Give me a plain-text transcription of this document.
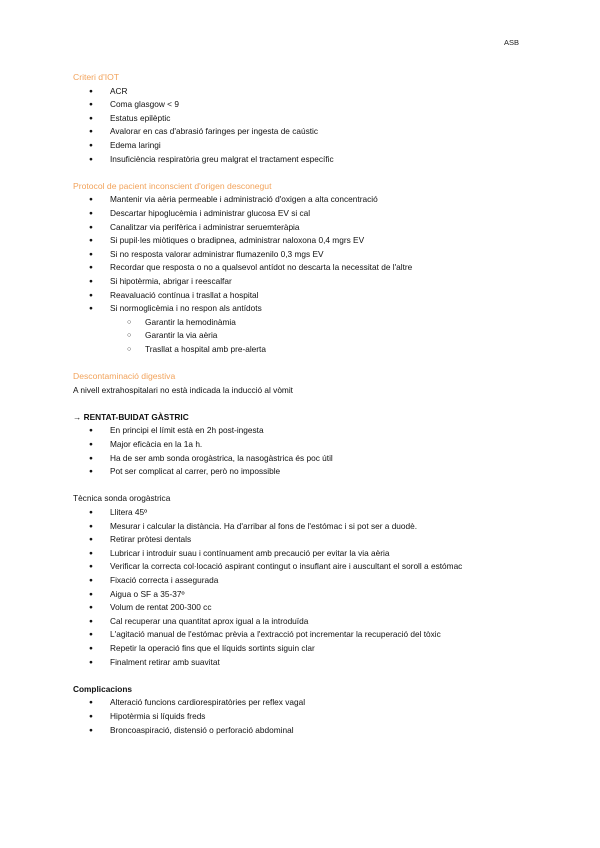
ASB
Criteri d'IOT
● ACR
● Coma glasgow < 9
● Estatus epilèptic
● Avalorar en cas d'abrasió faringes per ingesta de caústic
● Edema laringi
● Insuficiència respiratòria greu malgrat el tractament específic
Protocol de pacient inconscient d'origen desconegut
● Mantenir via aèria permeable i administració d'oxigen a alta concentració
● Descartar hipoglucèmia i administrar glucosa EV si cal
● Canalitzar via perifèrica i administrar seruemteràpia
● Si pupil·les miòtiques o bradipnea, administrar naloxona 0,4 mgrs EV
● Si no resposta valorar administrar flumazenilo 0,3 mgs EV
● Recordar que resposta o no a qualsevol antídot no descarta la necessitat de l'altre
● Si hipotèrmia, abrigar i reescalfar
● Reavaluació contínua i trasllat a hospital
● Si normoglicèmia i no respon als antídots
○ Garantir la hemodinàmia
○ Garantir la via aèria
○ Trasllat a hospital amb pre-alerta
Descontaminació digestiva

A nivell extrahospitalari no està indicada la inducció al vòmit

→ RENTAT-BUIDAT GÀSTRIC
● En principi el límit està en 2h post-ingesta
● Major eficàcia en la 1a h.
● Ha de ser amb sonda orogàstrica, la nasogàstrica és poc útil
● Pot ser complicat al carrer, però no impossible
Tècnica sonda orogàstrica
● Llitera 45º
● Mesurar i calcular la distància. Ha d'arribar al fons de l'estómac i si pot ser a duodè.
● Retirar pròtesi dentals
● Lubricar i introduir suau i contínuament amb precaució per evitar la via aèria
● Verificar la correcta col·locació aspirant contingut o insuflant aire i auscultant el soroll a estómac
● Fixació correcta i assegurada
● Aigua o SF a 35-37º
● Volum de rentat 200-300 cc
● Cal recuperar una quantitat aprox igual a la introduïda
● L'agitació manual de l'estómac prèvia a l'extracció pot incrementar la recuperació del tòxic
● Repetir la operació fins que el líquids sortints siguin clar
● Finalment retirar amb suavitat
Complicacions
● Alteració funcions cardiorespiratòries per reflex vagal
● Hipotèrmia si líquids freds
● Broncoaspiració, distensió o perforació abdominal
